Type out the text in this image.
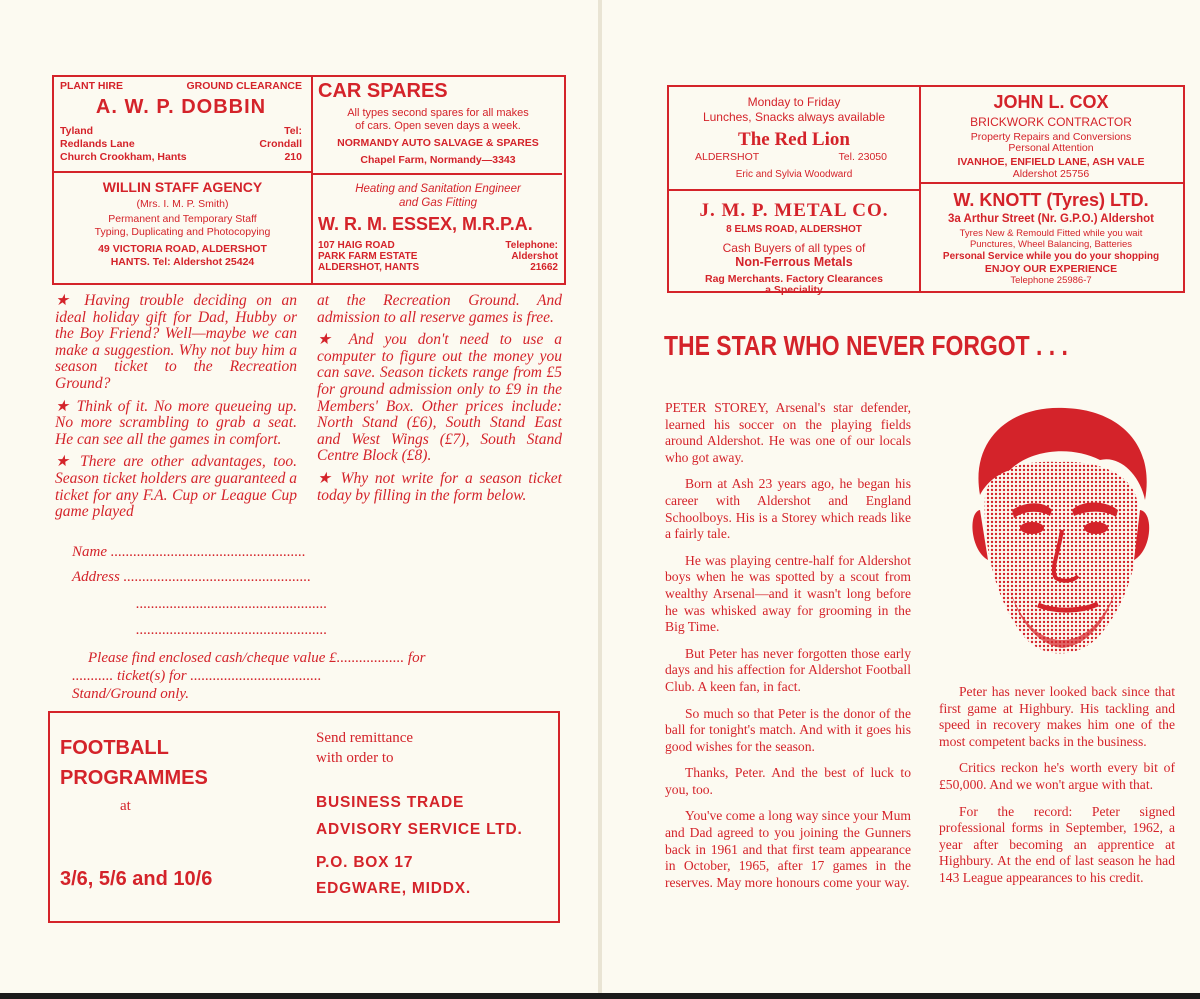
PLANT HIRE	GROUND CLEARANCE
A. W. P. DOBBIN
Tyland
Redlands Lane
Church Crookham, Hants
Tel:
Crondall
210
WILLIN STAFF AGENCY
(Mrs. I. M. P. Smith)
Permanent and Temporary Staff
Typing, Duplicating and Photocopying
49 VICTORIA ROAD, ALDERSHOT
HANTS. Tel: Aldershot 25424
CAR SPARES
All types second spares for all makes
of cars. Open seven days a week.
NORMANDY AUTO SALVAGE & SPARES
Chapel Farm, Normandy—3343
Heating and Sanitation Engineer
and Gas Fitting
W. R. M. ESSEX, M.R.P.A.
107 HAIG ROAD
PARK FARM ESTATE
ALDERSHOT, HANTS
Telephone:
Aldershot
21662

★ Having trouble deciding on an ideal holiday gift for Dad, Hubby or the Boy Friend? Well—maybe we can make a suggestion. Why not buy him a season ticket to the Recreation Ground?

★ Think of it. No more queueing up. No more scrambling to grab a seat. He can see all the games in comfort.

★ There are other advantages, too. Season ticket holders are guaranteed a ticket for any F.A. Cup or League Cup game played

at the Recreation Ground. And admission to all reserve games is free.

★ And you don't need to use a computer to figure out the money you can save. Season tickets range from £5 for ground admission only to £9 in the Members' Box. Other prices include: North Stand (£6), South Stand East and West Wings (£7), South Stand Centre Block (£8).

★ Why not write for a season ticket today by filling in the form below.

Name ....................................................
Address ..................................................
...................................................
...................................................
Please find enclosed cash/cheque value £.................. for
........... ticket(s) for ...................................
Stand/Ground only.
FOOTBALL
PROGRAMMES
at
3/6, 5/6 and 10/6
Send remittance
with order to
BUSINESS TRADE
ADVISORY SERVICE LTD.
P.O. BOX 17
EDGWARE, MIDDX.
Monday to Friday
Lunches, Snacks always available
The Red Lion
ALDERSHOT	Tel. 23050
Eric and Sylvia Woodward
J. M. P. METAL CO.
8 ELMS ROAD, ALDERSHOT
Cash Buyers of all types of
Non-Ferrous Metals
Rag Merchants. Factory Clearances
a Speciality
JOHN L. COX
BRICKWORK CONTRACTOR
Property Repairs and Conversions
Personal Attention
IVANHOE, ENFIELD LANE, ASH VALE
Aldershot 25756
W. KNOTT (Tyres) LTD.
3a Arthur Street (Nr. G.P.O.) Aldershot
Tyres New & Remould Fitted while you wait
Punctures, Wheel Balancing, Batteries
Personal Service while you do your shopping
ENJOY OUR EXPERIENCE
Telephone 25986-7
THE STAR WHO NEVER FORGOT . . .

PETER STOREY, Arsenal's star defender, learned his soccer on the playing fields around Aldershot. He was one of our locals who got away.

Born at Ash 23 years ago, he began his career with Aldershot and England Schoolboys. His is a Storey which reads like a fairly tale.

He was playing centre-half for Aldershot boys when he was spotted by a scout from wealthy Arsenal—and it wasn't long before he was whisked away for grooming in the Big Time.

But Peter has never forgotten those early days and his affection for Aldershot Football Club. A keen fan, in fact.

So much so that Peter is the donor of the ball for tonight's match. And with it goes his good wishes for the season.

Thanks, Peter. And the best of luck to you, too.

You've come a long way since your Mum and Dad agreed to you joining the Gunners back in 1961 and that first team appearance in October, 1965, after 17 games in the reserves. May more honours come your way.

Peter has never looked back since that first game at Highbury. His tackling and speed in recovery makes him one of the most competent backs in the business.

Critics reckon he's worth every bit of £50,000. And we won't argue with that.

For the record: Peter signed professional forms in September, 1962, a year after becoming an apprentice at Highbury. At the end of last season he had 143 League appearances to his credit.
